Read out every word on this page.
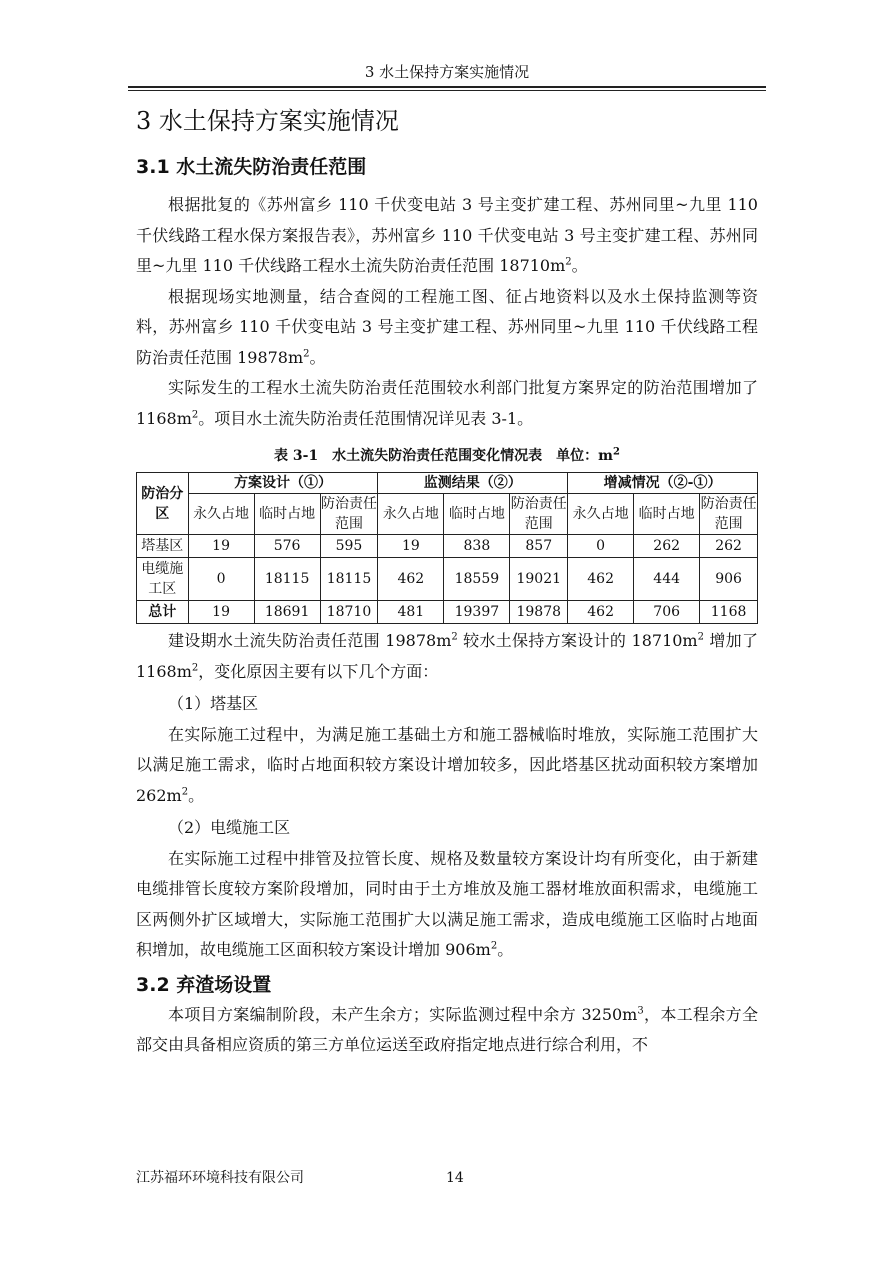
3 水土保持方案实施情况
3 水土保持方案实施情况
3.1 水土流失防治责任范围

根据批复的《苏州富乡 110 千伏变电站 3 号主变扩建工程、苏州同里~九里 110 千伏线路工程水保方案报告表》，苏州富乡 110 千伏变电站 3 号主变扩建工程、苏州同里~九里 110 千伏线路工程水土流失防治责任范围 $18710m^2$。

根据现场实地测量，结合查阅的工程施工图、征占地资料以及水土保持监测等资料，苏州富乡 110 千伏变电站 3 号主变扩建工程、苏州同里~九里 110 千伏线路工程防治责任范围 $19878m^2$。

实际发生的工程水土流失防治责任范围较水利部门批复方案界定的防治范围增加了 $1168m^2$。项目水土流失防治责任范围情况详见表 3-1。

表 3-1　水土流失防治责任范围变化情况表　单位：$m^2$
防治分区	方案设计（①）			监测结果（②）			增减情况（②-①）		
	永久占地	临时占地	防治责任范围	永久占地	临时占地	防治责任范围	永久占地	临时占地	防治责任范围
塔基区	19	576	595	19	838	857	0	262	262
电缆施工区	0	18115	18115	462	18559	19021	462	444	906
总计	19	18691	18710	481	19397	19878	462	706	1168

建设期水土流失防治责任范围 $19878m^2$ 较水土保持方案设计的 $18710m^2$ 增加了 $1168m^2$，变化原因主要有以下几个方面：

（1）塔基区

在实际施工过程中，为满足施工基础土方和施工器械临时堆放，实际施工范围扩大以满足施工需求，临时占地面积较方案设计增加较多，因此塔基区扰动面积较方案增加 $262m^2$。

（2）电缆施工区

在实际施工过程中排管及拉管长度、规格及数量较方案设计均有所变化，由于新建电缆排管长度较方案阶段增加，同时由于土方堆放及施工器材堆放面积需求，电缆施工区两侧外扩区域增大，实际施工范围扩大以满足施工需求，造成电缆施工区临时占地面积增加，故电缆施工区面积较方案设计增加 $906m^2$。

3.2 弃渣场设置

本项目方案编制阶段，未产生余方；实际监测过程中余方 $3250m^3$，本工程余方全部交由具备相应资质的第三方单位运送至政府指定地点进行综合利用，不

江苏福环环境科技有限公司	14
